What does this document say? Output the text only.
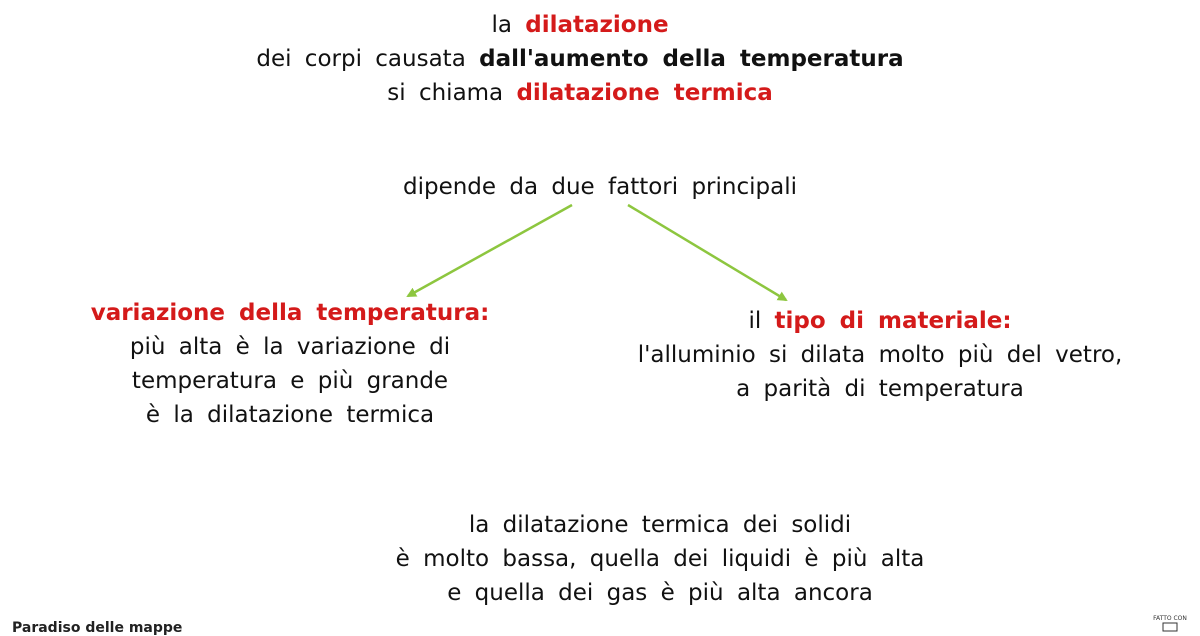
la dilatazione
dei corpi causata dall'aumento della temperatura
si chiama dilatazione termica
dipende da due fattori principali
variazione della temperatura:
più alta è la variazione di
temperatura e più grande
è la dilatazione termica
il tipo di materiale:
l'alluminio si dilata molto più del vetro,
a parità di temperatura
la dilatazione termica dei solidi
è molto bassa, quella dei liquidi è più alta
e quella dei gas è più alta ancora
Paradiso delle mappe
FATTO CON
